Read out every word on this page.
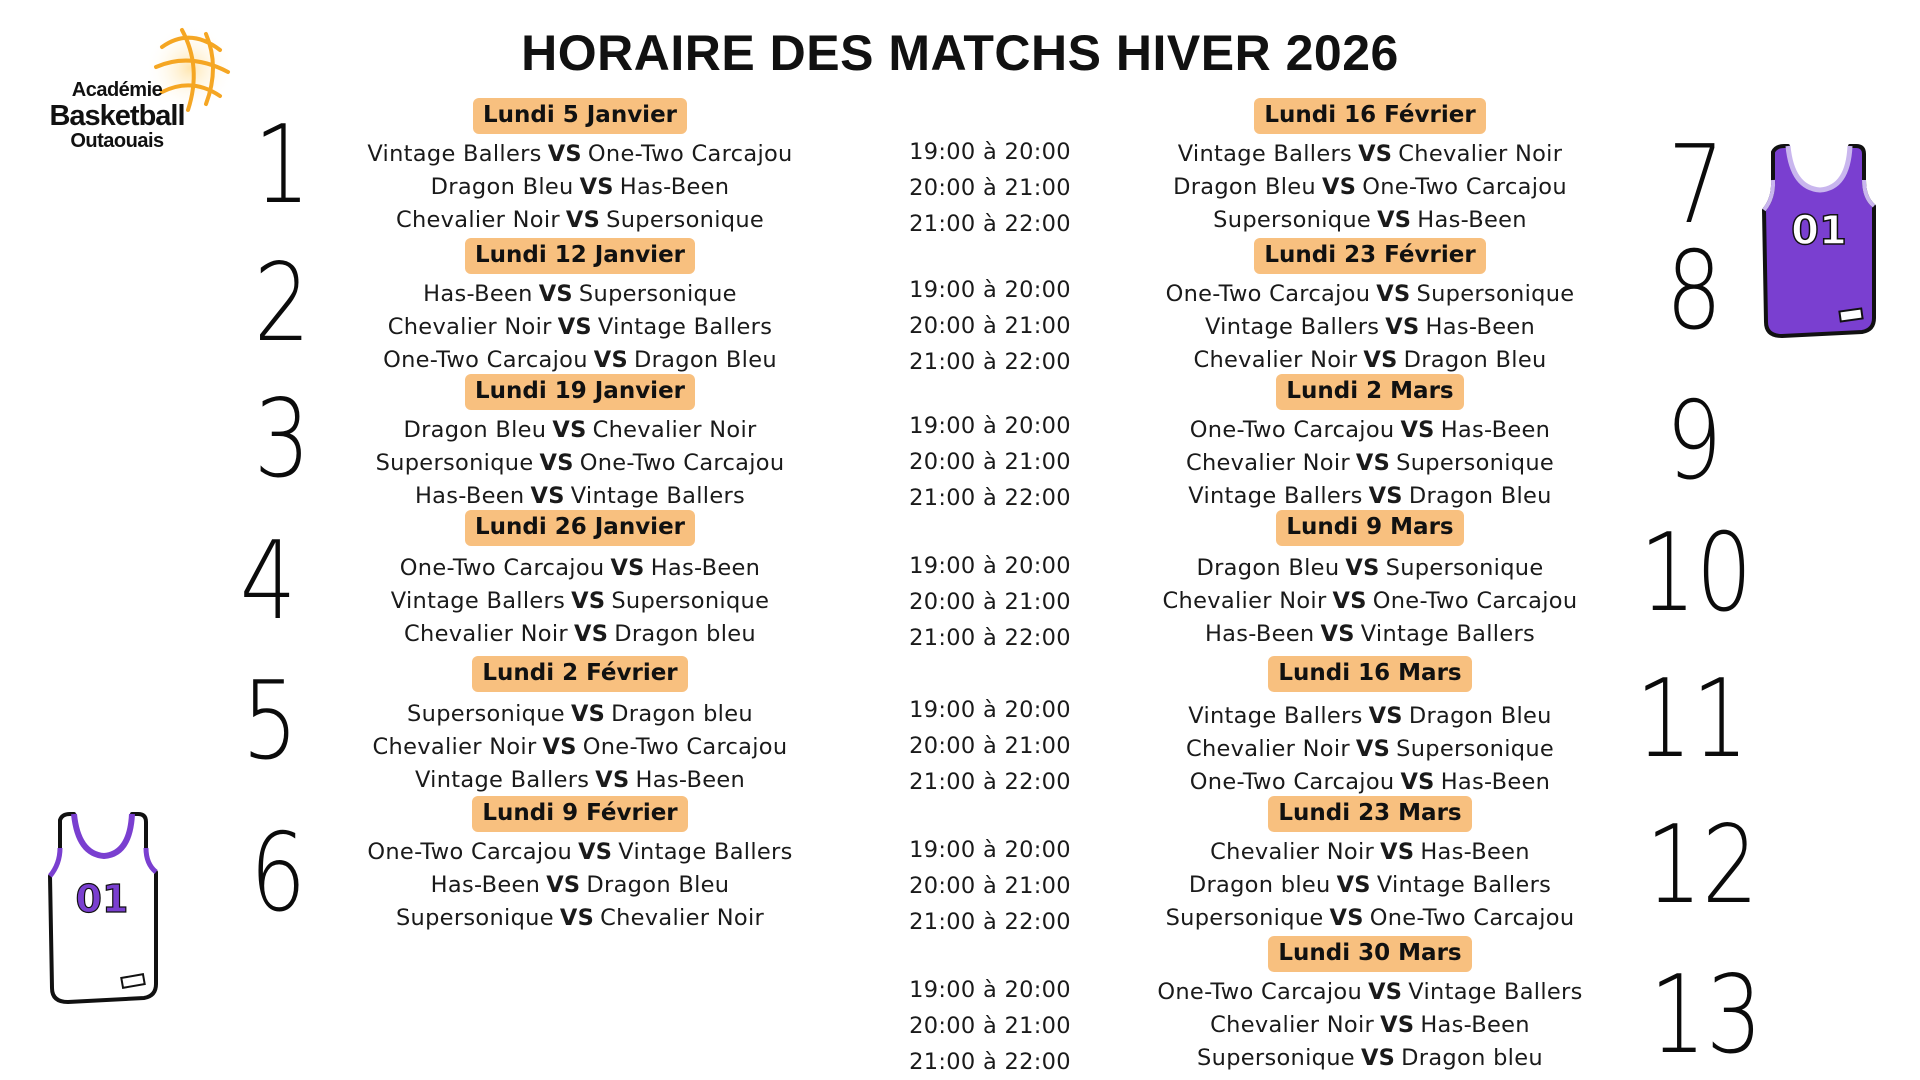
HORAIRE DES MATCHS HIVER 2026
Académie
Basketball
Outaouais
Lundi 5 Janvier
Vintage Ballers VS One-Two Carcajou
Dragon Bleu VS Has-Been
Chevalier Noir VS Supersonique
Lundi 12 Janvier
Has-Been VS Supersonique
Chevalier Noir VS Vintage Ballers
One-Two Carcajou VS Dragon Bleu
Lundi 19 Janvier
Dragon Bleu VS Chevalier Noir
Supersonique VS One-Two Carcajou
Has-Been VS Vintage Ballers
Lundi 26 Janvier
One-Two Carcajou VS Has-Been
Vintage Ballers VS Supersonique
Chevalier Noir VS Dragon bleu
Lundi 2 Février
Supersonique VS Dragon bleu
Chevalier Noir VS One-Two Carcajou
Vintage Ballers VS Has-Been
Lundi 9 Février
One-Two Carcajou VS Vintage Ballers
Has-Been VS Dragon Bleu
Supersonique VS Chevalier Noir
Lundi 16 Février
Vintage Ballers VS Chevalier Noir
Dragon Bleu VS One-Two Carcajou
Supersonique VS Has-Been
Lundi 23 Février
One-Two Carcajou VS Supersonique
Vintage Ballers VS Has-Been
Chevalier Noir VS Dragon Bleu
Lundi 2 Mars
One-Two Carcajou VS Has-Been
Chevalier Noir VS Supersonique
Vintage Ballers VS Dragon Bleu
Lundi 9 Mars
Dragon Bleu VS Supersonique
Chevalier Noir VS One-Two Carcajou
Has-Been VS Vintage Ballers
Lundi 16 Mars
Vintage Ballers VS Dragon Bleu
Chevalier Noir VS Supersonique
One-Two Carcajou VS Has-Been
Lundi 23 Mars
Chevalier Noir VS Has-Been
Dragon bleu VS Vintage Ballers
Supersonique VS One-Two Carcajou
Lundi 30 Mars
One-Two Carcajou VS Vintage Ballers
Chevalier Noir VS Has-Been
Supersonique VS Dragon bleu
19:00 à 20:00
20:00 à 21:00
21:00 à 22:00
19:00 à 20:00
20:00 à 21:00
21:00 à 22:00
19:00 à 20:00
20:00 à 21:00
21:00 à 22:00
19:00 à 20:00
20:00 à 21:00
21:00 à 22:00
19:00 à 20:00
20:00 à 21:00
21:00 à 22:00
19:00 à 20:00
20:00 à 21:00
21:00 à 22:00
19:00 à 20:00
20:00 à 21:00
21:00 à 22:00
1
2
3
4
5
6
7
8
9
10
11
12
13
01
01
